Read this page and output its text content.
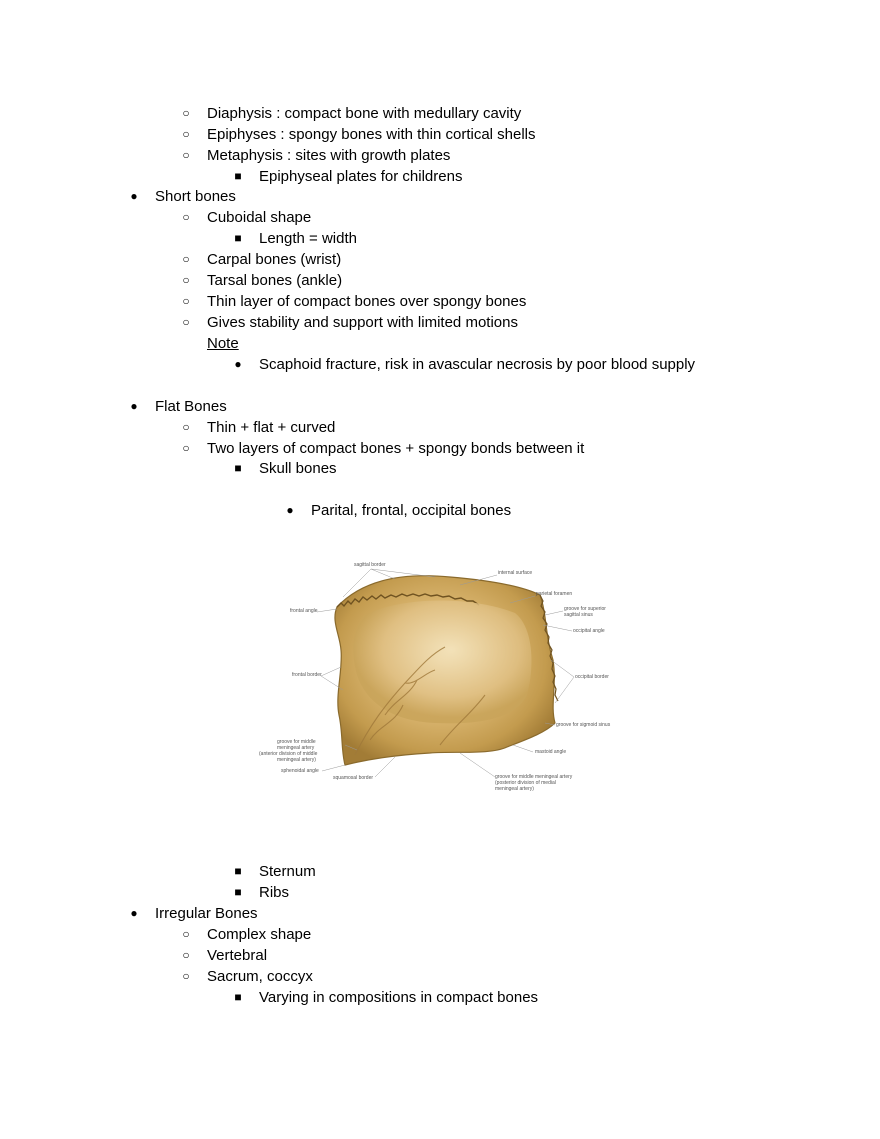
○ Diaphysis : compact bone with medullary cavity
○ Epiphyses : spongy bones with thin cortical shells
○ Metaphysis : sites with growth plates
■ Epiphyseal plates for childrens
● Short bones
○ Cuboidal shape
■ Length = width
○ Carpal bones (wrist)
○ Tarsal bones (ankle)
○ Thin layer of compact bones over spongy bones
○ Gives stability and support with limited motions
Note
● Scaphoid fracture, risk in avascular necrosis by poor blood supply
● Flat Bones
○ Thin + flat + curved
○ Two layers of compact bones + spongy bonds between it
■ Skull bones
● Parital, frontal, occipital bones
■ Sternum
■ Ribs
● Irregular Bones
○ Complex shape
○ Vertebral
○ Sacrum, coccyx
■ Varying in compositions in compact bones
sagittal border
internal surface
parietal foramen
groove for superior
sagittal sinus
frontal angle
occipital angle
frontal border	occipital border
groove for sigmoid sinus
groove for middle
meningeal artery
(anterior division of middle
meningeal artery)
mastoid angle
sphenoidal angle
squamosal border	groove for middle meningeal artery
(posterior division of medial
meningeal artery)
